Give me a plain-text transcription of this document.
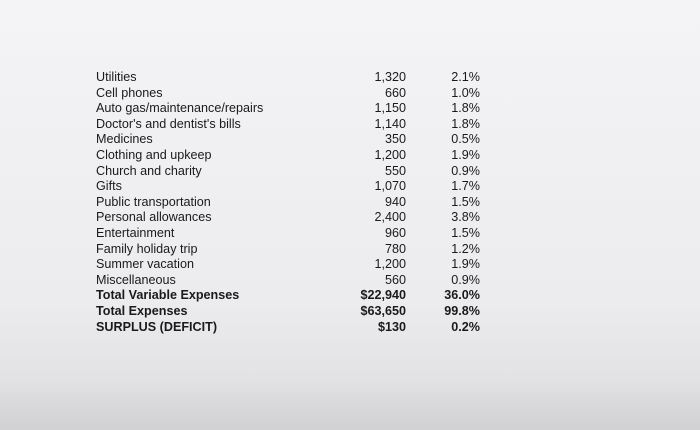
Utilities	1,320		2.1%
Cell phones	660		1.0%
Auto gas/maintenance/repairs	1,150		1.8%
Doctor's and dentist's bills	1,140		1.8%
Medicines	350		0.5%
Clothing and upkeep	1,200		1.9%
Church and charity	550		0.9%
Gifts	1,070		1.7%
Public transportation	940		1.5%
Personal allowances	2,400		3.8%
Entertainment	960		1.5%
Family holiday trip	780		1.2%
Summer vacation	1,200		1.9%
Miscellaneous	560		0.9%
Total Variable Expenses	$22,940		36.0%
Total Expenses	$63,650		99.8%
SURPLUS (DEFICIT)	$130		0.2%
